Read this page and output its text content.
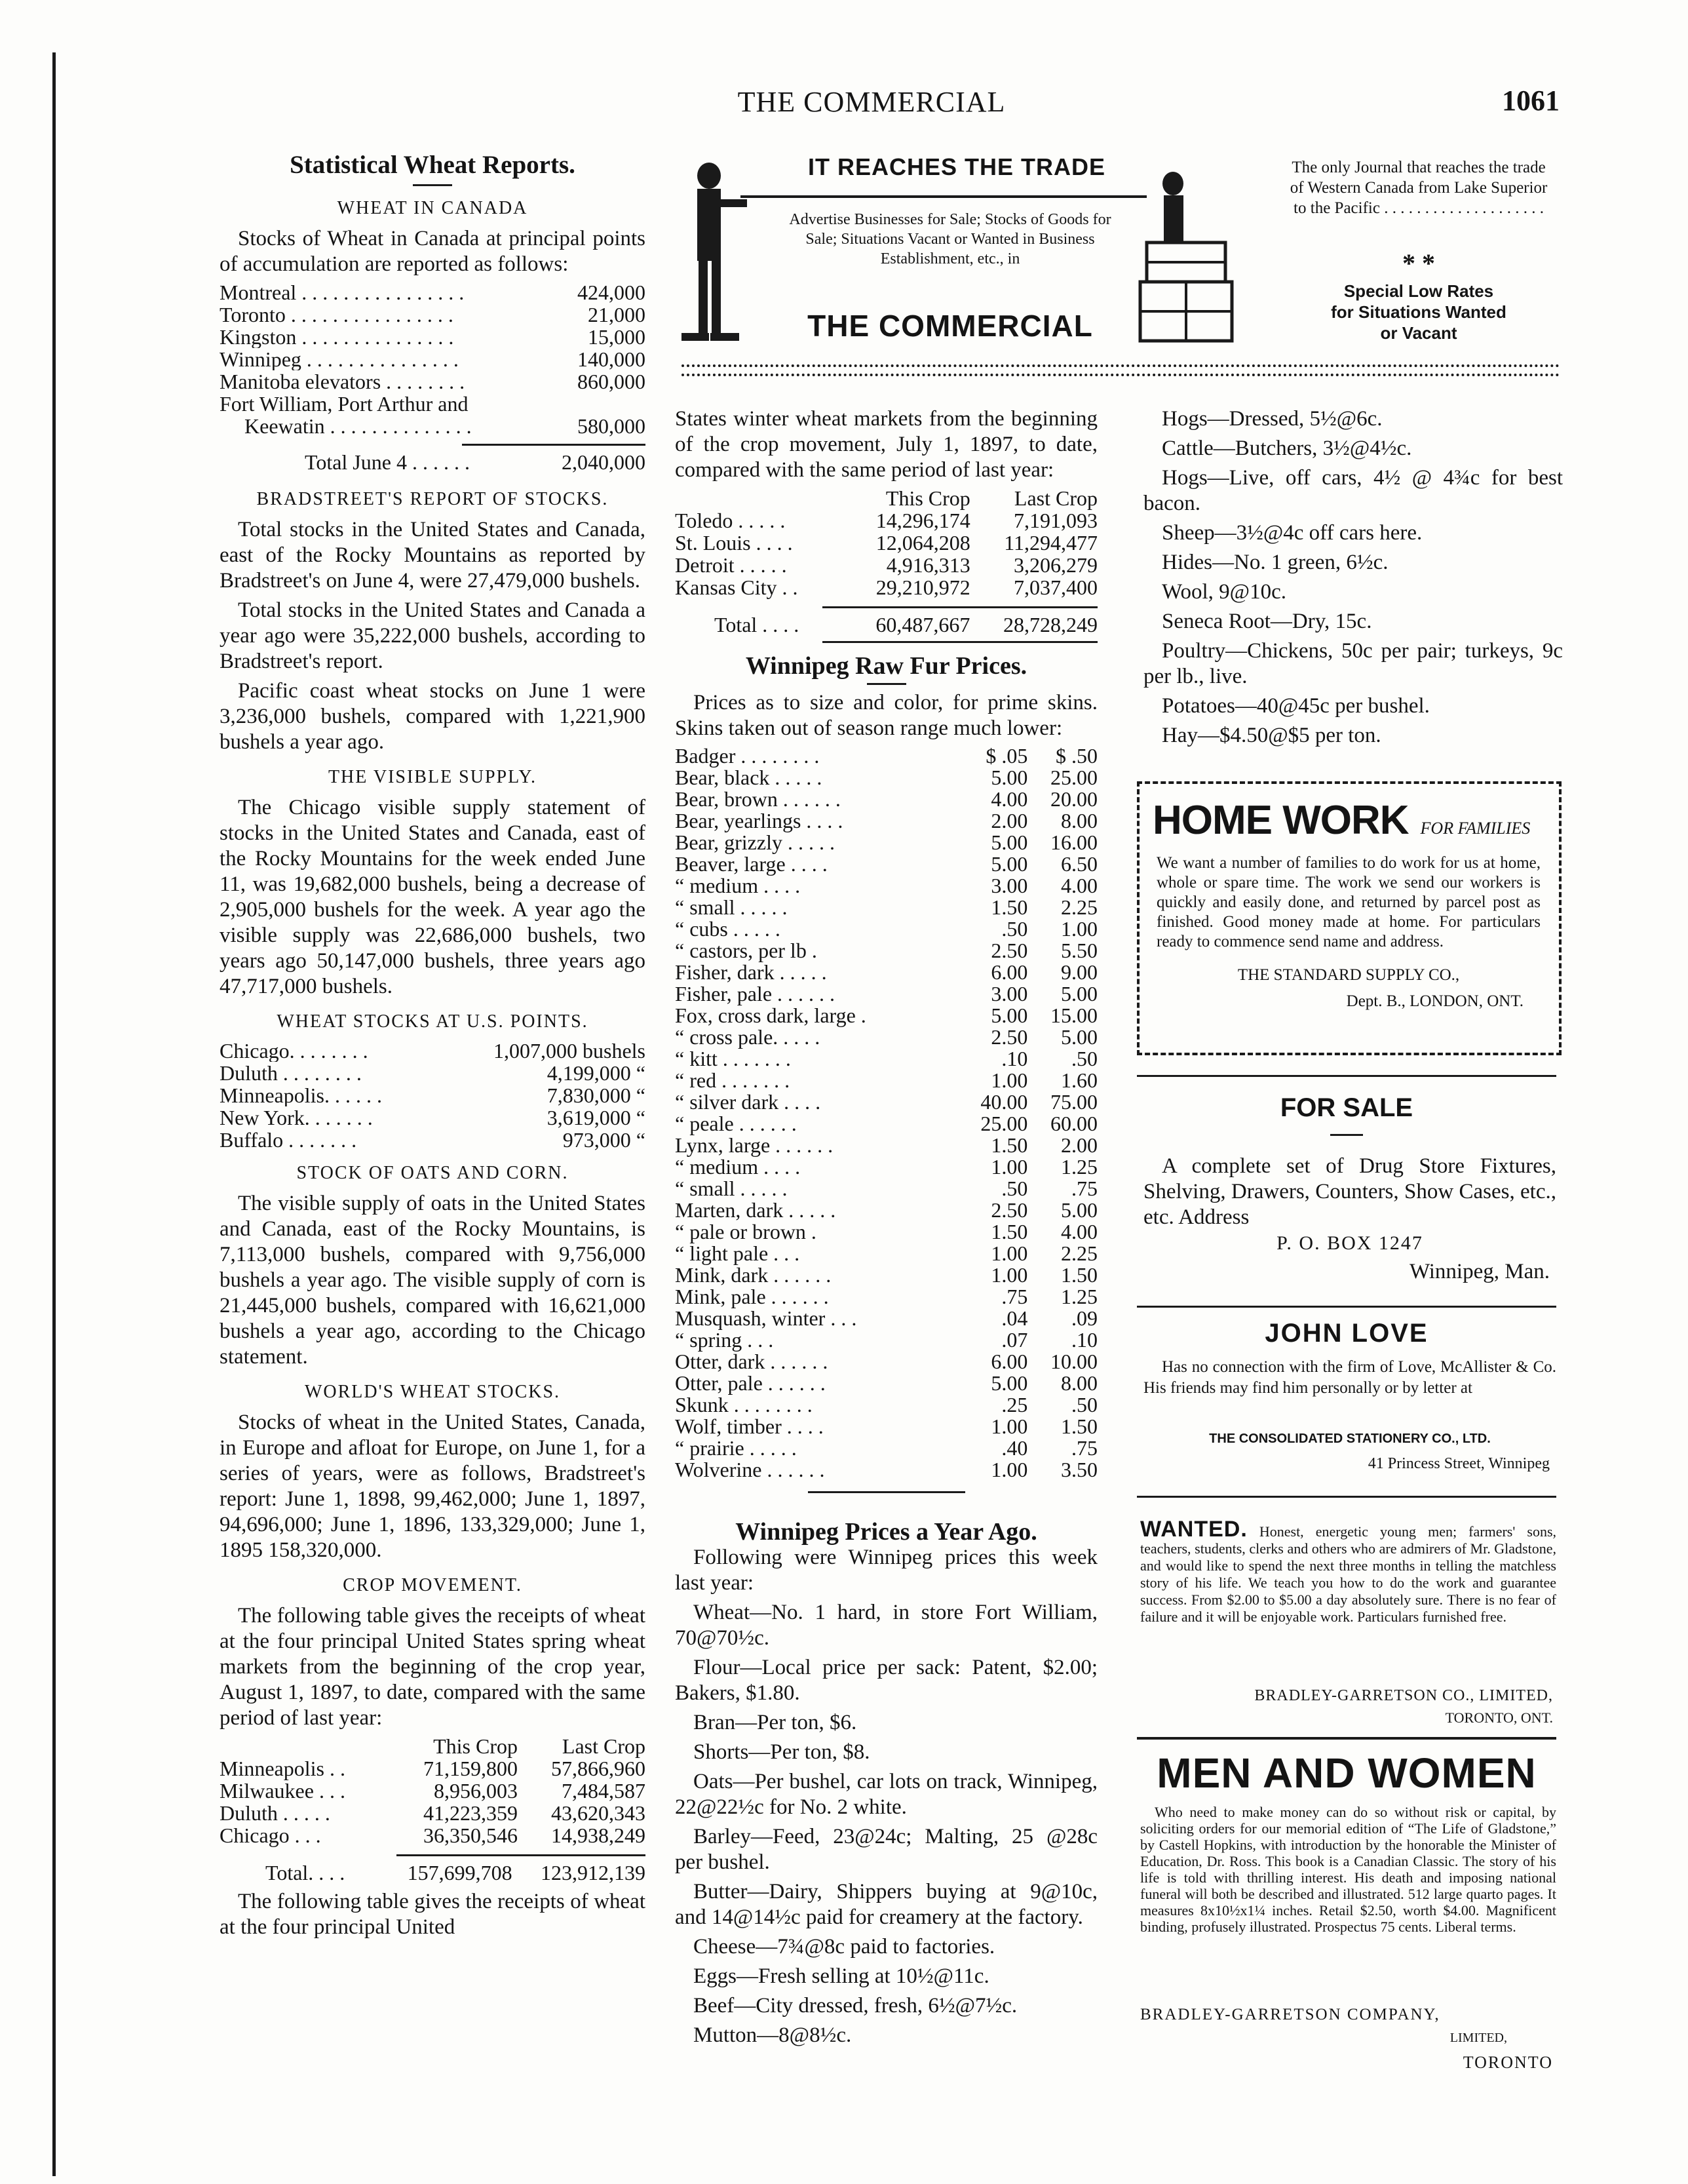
THE COMMERCIAL	1061
Statistical Wheat Reports.
WHEAT IN CANADA

Stocks of Wheat in Canada at principal points of accumulation are reported as follows:

Montreal . . . . . . . . . . . . . . . .	424,000
Toronto . . . . . . . . . . . . . . . .	21,000
Kingston . . . . . . . . . . . . . . .	15,000
Winnipeg . . . . . . . . . . . . . . .	140,000
Manitoba elevators . . . . . . . .	860,000
Fort William, Port Arthur and
Keewatin . . . . . . . . . . . . . .	580,000
Total June 4 . . . . . .	2,040,000
BRADSTREET'S REPORT OF STOCKS.

Total stocks in the United States and Canada, east of the Rocky Mountains as reported by Bradstreet's on June 4, were 27,479,000 bushels.

Total stocks in the United States and Canada a year ago were 35,222,000 bushels, according to Bradstreet's report.

Pacific coast wheat stocks on June 1 were 3,236,000 bushels, compared with 1,221,900 bushels a year ago.

THE VISIBLE SUPPLY.

The Chicago visible supply statement of stocks in the United States and Canada, east of the Rocky Mountains for the week ended June 11, was 19,682,000 bushels, being a decrease of 2,905,000 bushels for the week. A year ago the visible supply was 22,686,000 bushels, two years ago 50,147,000 bushels, three years ago 47,717,000 bushels.

WHEAT STOCKS AT U.S. POINTS.
Chicago. . . . . . . .	1,007,000 bushels
Duluth . . . . . . . .	4,199,000 “
Minneapolis. . . . . .	7,830,000 “
New York. . . . . . .	3,619,000 “
Buffalo . . . . . . .	973,000 “
STOCK OF OATS AND CORN.

The visible supply of oats in the United States and Canada, east of the Rocky Mountains, is 7,113,000 bushels, compared with 9,756,000 bushels a year ago. The visible supply of corn is 21,445,000 bushels, compared with 16,621,000 bushels a year ago, according to the Chicago statement.

WORLD'S WHEAT STOCKS.

Stocks of wheat in the United States, Canada, in Europe and afloat for Europe, on June 1, for a series of years, were as follows, Bradstreet's report: June 1, 1898, 99,462,000; June 1, 1897, 94,696,000; June 1, 1896, 133,329,000; June 1, 1895 158,320,000.

CROP MOVEMENT.

The following table gives the receipts of wheat at the four principal United States spring wheat markets from the beginning of the crop year, August 1, 1897, to date, compared with the same period of last year:

	This Crop	Last Crop
Minneapolis . .	71,159,800	57,866,960
Milwaukee . . .	8,956,003	7,484,587
Duluth . . . . .	41,223,359	43,620,343
Chicago . . .	36,350,546	14,938,249
Total. . . .	157,699,708	123,912,139

The following table gives the receipts of wheat at the four principal United

IT REACHES THE TRADE
Advertise Businesses for Sale; Stocks of Goods for Sale; Situations Vacant or Wanted in Business Establishment, etc., in
THE COMMERCIAL
The only Journal that reaches the trade of Western Canada from Lake Superior to the Pacific . . . . . . . . . . . . . . . . . . . .
* *
Special Low Rates
for Situations Wanted
or Vacant

States winter wheat markets from the beginning of the crop movement, July 1, 1897, to date, compared with the same period of last year:

	This Crop	Last Crop
Toledo . . . . .	14,296,174	7,191,093
St. Louis . . . .	12,064,208	11,294,477
Detroit . . . . .	4,916,313	3,206,279
Kansas City . .	29,210,972	7,037,400
Total . . . .	60,487,667	28,728,249
Winnipeg Raw Fur Prices.

Prices as to size and color, for prime skins. Skins taken out of season range much lower:

Badger . . . . . . . .	$ .05	$ .50
Bear, black . . . . .	5.00	25.00
Bear, brown . . . . . .	4.00	20.00
Bear, yearlings . . . .	2.00	8.00
Bear, grizzly . . . . .	5.00	16.00
Beaver, large . . . .	5.00	6.50
“ medium . . . .	3.00	4.00
“ small . . . . .	1.50	2.25
“ cubs . . . . .	.50	1.00
“ castors, per lb .	2.50	5.50
Fisher, dark . . . . .	6.00	9.00
Fisher, pale . . . . . .	3.00	5.00
Fox, cross dark, large .	5.00	15.00
“ cross pale. . . . .	2.50	5.00
“ kitt . . . . . . .	.10	.50
“ red . . . . . . .	1.00	1.60
“ silver dark . . . .	40.00	75.00
“ peale . . . . . .	25.00	60.00
Lynx, large . . . . . .	1.50	2.00
“ medium . . . .	1.00	1.25
“ small . . . . .	.50	.75
Marten, dark . . . . .	2.50	5.00
“ pale or brown .	1.50	4.00
“ light pale . . .	1.00	2.25
Mink, dark . . . . . .	1.00	1.50
Mink, pale . . . . . .	.75	1.25
Musquash, winter . . .	.04	.09
“ spring . . .	.07	.10
Otter, dark . . . . . .	6.00	10.00
Otter, pale . . . . . .	5.00	8.00
Skunk . . . . . . . .	.25	.50
Wolf, timber . . . .	1.00	1.50
“ prairie . . . . .	.40	.75
Wolverine . . . . . .	1.00	3.50
Winnipeg Prices a Year Ago.

Following were Winnipeg prices this week last year:

Wheat—No. 1 hard, in store Fort William, 70@70½c.

Flour—Local price per sack: Patent, $2.00; Bakers, $1.80.

Bran—Per ton, $6.

Shorts—Per ton, $8.

Oats—Per bushel, car lots on track, Winnipeg, 22@22½c for No. 2 white.

Barley—Feed, 23@24c; Malting, 25 @28c per bushel.

Butter—Dairy, Shippers buying at 9@10c, and 14@14½c paid for creamery at the factory.

Cheese—7¾@8c paid to factories.

Eggs—Fresh selling at 10½@11c.

Beef—City dressed, fresh, 6½@7½c.

Mutton—8@8½c.

Hogs—Dressed, 5½@6c.

Cattle—Butchers, 3½@4½c.

Hogs—Live, off cars, 4½ @ 4¾c for best bacon.

Sheep—3½@4c off cars here.

Hides—No. 1 green, 6½c.

Wool, 9@10c.

Seneca Root—Dry, 15c.

Poultry—Chickens, 50c per pair; turkeys, 9c per lb., live.

Potatoes—40@45c per bushel.

Hay—$4.50@$5 per ton.

HOME WORK FOR FAMILIES
We want a number of families to do work for us at home, whole or spare time. The work we send our workers is quickly and easily done, and returned by parcel post as finished. Good money made at home. For particulars ready to commence send name and address.
THE STANDARD SUPPLY CO.,
Dept. B., LONDON, ONT.
FOR SALE
A complete set of Drug Store Fixtures, Shelving, Drawers, Counters, Show Cases, etc., etc. Address
P. O. BOX 1247
Winnipeg, Man.
JOHN LOVE
Has no connection with the firm of Love, McAllister & Co. His friends may find him personally or by letter at
THE CONSOLIDATED STATIONERY CO., LTD.
41 Princess Street, Winnipeg
WANTED. Honest, energetic young men; farmers' sons, teachers, students, clerks and others who are admirers of Mr. Gladstone, and would like to spend the next three months in telling the matchless story of his life. We teach you how to do the work and guarantee success. From $2.00 to $5.00 a day absolutely sure. There is no fear of failure and it will be enjoyable work. Particulars furnished free.
BRADLEY-GARRETSON CO., LIMITED,
TORONTO, ONT.
MEN AND WOMEN
Who need to make money can do so without risk or capital, by soliciting orders for our memorial edition of “The Life of Gladstone,” by Castell Hopkins, with introduction by the honorable the Minister of Education, Dr. Ross. This book is a Canadian Classic. The story of his life is told with thrilling interest. His death and imposing national funeral will both be described and illustrated. 512 large quarto pages. It measures 8x10½x1¼ inches. Retail $2.50, worth $4.00. Magnificent binding, profusely illustrated. Prospectus 75 cents. Liberal terms.
BRADLEY-GARRETSON COMPANY,
LIMITED,
TORONTO
